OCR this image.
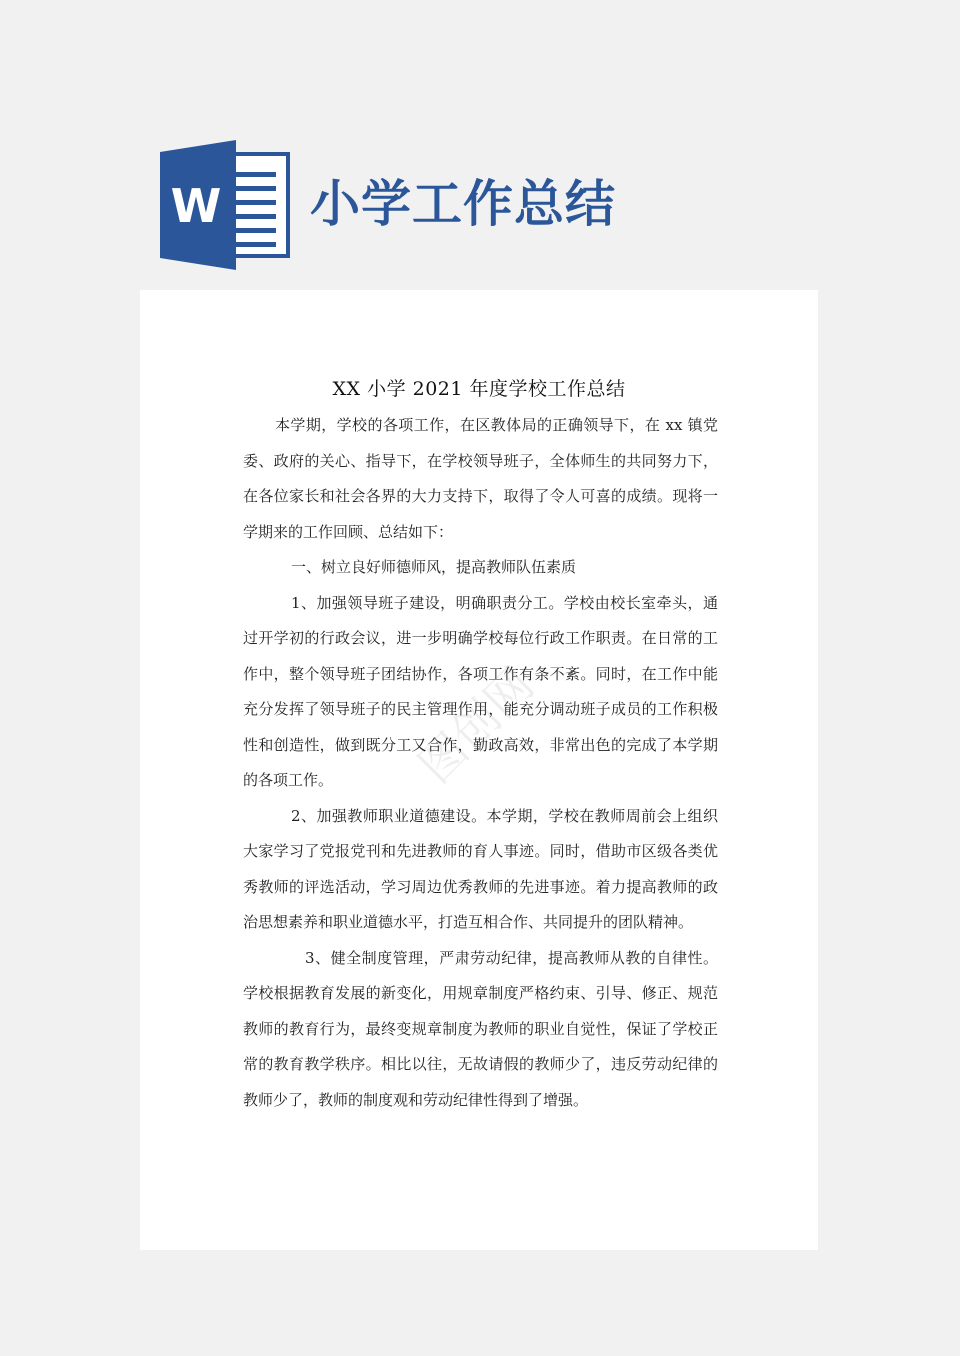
W 小学工作总结
XX 小学 2021 年度学校工作总结

本学期，学校的各项工作，在区教体局的正确领导下，在 xx 镇党委、政府的关心、指导下，在学校领导班子，全体师生的共同努力下，在各位家长和社会各界的大力支持下，取得了令人可喜的成绩。现将一学期来的工作回顾、总结如下：

一、树立良好师德师风，提高教师队伍素质

1、加强领导班子建设，明确职责分工。学校由校长室牵头，通过开学初的行政会议，进一步明确学校每位行政工作职责。在日常的工作中，整个领导班子团结协作，各项工作有条不紊。同时，在工作中能充分发挥了领导班子的民主管理作用，能充分调动班子成员的工作积极性和创造性，做到既分工又合作，勤政高效，非常出色的完成了本学期的各项工作。

2、加强教师职业道德建设。本学期，学校在教师周前会上组织大家学习了党报党刊和先进教师的育人事迹。同时，借助市区级各类优秀教师的评选活动，学习周边优秀教师的先进事迹。着力提高教师的政治思想素养和职业道德水平，打造互相合作、共同提升的团队精神。

3、健全制度管理，严肃劳动纪律，提高教师从教的自律性。学校根据教育发展的新变化，用规章制度严格约束、引导、修正、规范教师的教育行为，最终变规章制度为教师的职业自觉性，保证了学校正常的教育教学秩序。相比以往，无故请假的教师少了，违反劳动纪律的教师少了，教师的制度观和劳动纪律性得到了增强。

图创网
